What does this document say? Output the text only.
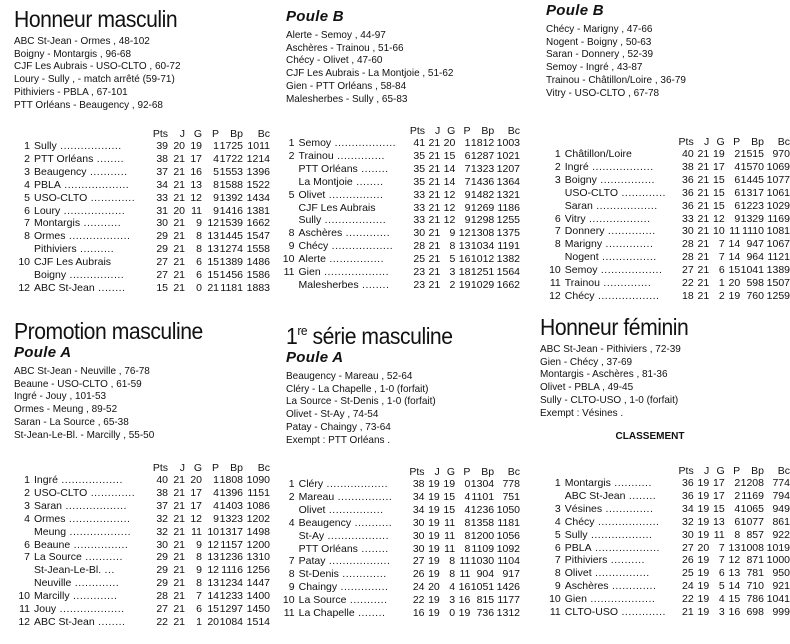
Honneur masculin
ABC St-Jean - Ormes , 48-102
Boigny - Montargis , 96-68
CJF Les Aubrais - USO-CLTO , 60-72
Loury - Sully , - match arrêté (59-71)
Pithiviers - PBLA , 67-101
PTT Orléans - Beaugency , 92-68
		Pts	J	G	P	Bp	Bc
1	Sully ..................	39	20	19	1	1725	1011
2	PTT Orléans ........	38	21	17	4	1722	1214
3	Beaugency ...........	37	21	16	5	1553	1396
4	PBLA ...................	34	21	13	8	1588	1522
5	USO-CLTO .............	33	21	12	9	1392	1434
6	Loury ..................	31	20	11	9	1416	1381
7	Montargis ...........	30	21	9	12	1539	1662
8	Ormes ..................	29	21	8	13	1445	1547
	Pithiviers ..........	29	21	8	13	1274	1558
10	CJF Les Aubrais	27	21	6	15	1389	1486
	Boigny ................	27	21	6	15	1456	1586
12	ABC St-Jean ........	15	21	0	21	1181	1883
Promotion masculine
Poule A
ABC St-Jean - Neuville , 76-78
Beaune - USO-CLTO , 61-59
Ingré - Jouy , 101-53
Ormes - Meung , 89-52
Saran - La Source , 65-38
St-Jean-Le-Bl. - Marcilly , 55-50
		Pts	J	G	P	Bp	Bc
1	Ingré ..................	40	21	20	1	1808	1090
2	USO-CLTO .............	38	21	17	4	1396	1151
3	Saran ..................	37	21	17	4	1403	1086
4	Ormes ..................	32	21	12	9	1323	1202
	Meung ..................	32	21	11	10	1317	1498
6	Beaune ................	30	21	9	12	1157	1200
7	La Source ...........	29	21	8	13	1236	1310
	St-Jean-Le-Bl. ...	29	21	9	12	1116	1256
	Neuville .............	29	21	8	13	1234	1447
10	Marcilly .............	28	21	7	14	1233	1400
11	Jouy ...................	27	21	6	15	1297	1450
12	ABC St-Jean ........	22	21	1	20	1084	1514
Poule B
Alerte - Semoy , 44-97
Aschères - Trainou , 51-66
Chécy - Olivet , 47-60
CJF Les Aubrais - La Montjoie , 51-62
Gien - PTT Orléans , 58-84
Malesherbes - Sully , 65-83
		Pts	J	G	P	Bp	Bc
1	Semoy ..................	41	21	20	1	1812	1003
2	Trainou ..............	35	21	15	6	1287	1021
	PTT Orléans ........	35	21	14	7	1323	1207
	La Montjoie ........	35	21	14	7	1436	1364
5	Olivet ................	33	21	12	9	1482	1321
	CJF Les Aubrais	33	21	12	9	1269	1186
	Sully ..................	33	21	12	9	1298	1255
8	Aschères .............	30	21	9	12	1308	1375
9	Chécy ..................	28	21	8	13	1034	1191
10	Alerte ................	25	21	5	16	1012	1382
11	Gien ...................	23	21	3	18	1251	1564
	Malesherbes ........	23	21	2	19	1029	1662
1re série masculine
Poule A
Beaugency - Mareau , 52-64
Cléry - La Chapelle , 1-0 (forfait)
La Source - St-Denis , 1-0 (forfait)
Olivet - St-Ay , 74-54
Patay - Chaingy , 73-64
Exempt : PTT Orléans .
		Pts	J	G	P	Bp	Bc
1	Cléry ..................	38	19	19	0	1304	778
2	Mareau ................	34	19	15	4	1101	751
	Olivet ................	34	19	15	4	1236	1050
4	Beaugency ...........	30	19	11	8	1358	1181
	St-Ay ..................	30	19	11	8	1200	1056
	PTT Orléans ........	30	19	11	8	1109	1092
7	Patay ..................	27	19	8	11	1030	1104
8	St-Denis .............	26	19	8	11	904	917
9	Chaingy ..............	24	20	4	16	1051	1426
10	La Source ...........	22	19	3	16	815	1177
11	La Chapelle ........	16	19	0	19	736	1312
Poule B
Chécy - Marigny , 47-66
Nogent - Boigny , 50-63
Saran - Donnery , 52-39
Semoy - Ingré , 43-87
Trainou - Châtillon/Loire , 36-79
Vitry - USO-CLTO , 67-78
		Pts	J	G	P	Bp	Bc
1	Châtillon/Loire	40	21	19	2	1515	970
2	Ingré ..................	38	21	17	4	1570	1069
3	Boigny ................	36	21	15	6	1445	1077
	USO-CLTO .............	36	21	15	6	1317	1061
	Saran ..................	36	21	15	6	1223	1029
6	Vitry ..................	33	21	12	9	1329	1169
7	Donnery ..............	30	21	10	11	1110	1081
8	Marigny ..............	28	21	7	14	947	1067
	Nogent ................	28	21	7	14	964	1121
10	Semoy ..................	27	21	6	15	1041	1389
11	Trainou ..............	22	21	1	20	598	1507
12	Chécy ..................	18	21	2	19	760	1259
Honneur féminin
ABC St-Jean - Pithiviers , 72-39
Gien - Chécy , 37-69
Montargis - Aschères , 81-36
Olivet - PBLA , 49-45
Sully - CLTO-USO , 1-0 (forfait)
Exempt : Vésines .
CLASSEMENT
		Pts	J	G	P	Bp	Bc
1	Montargis ...........	36	19	17	2	1208	774
	ABC St-Jean ........	36	19	17	2	1169	794
3	Vésines ..............	34	19	15	4	1065	949
4	Chécy ..................	32	19	13	6	1077	861
5	Sully ..................	30	19	11	8	857	922
6	PBLA ...................	27	20	7	13	1008	1019
7	Pithiviers ..........	26	19	7	12	871	1000
8	Olivet ................	25	19	6	13	781	950
9	Aschères .............	24	19	5	14	710	921
10	Gien ...................	22	19	4	15	786	1041
11	CLTO-USO .............	21	19	3	16	698	999
